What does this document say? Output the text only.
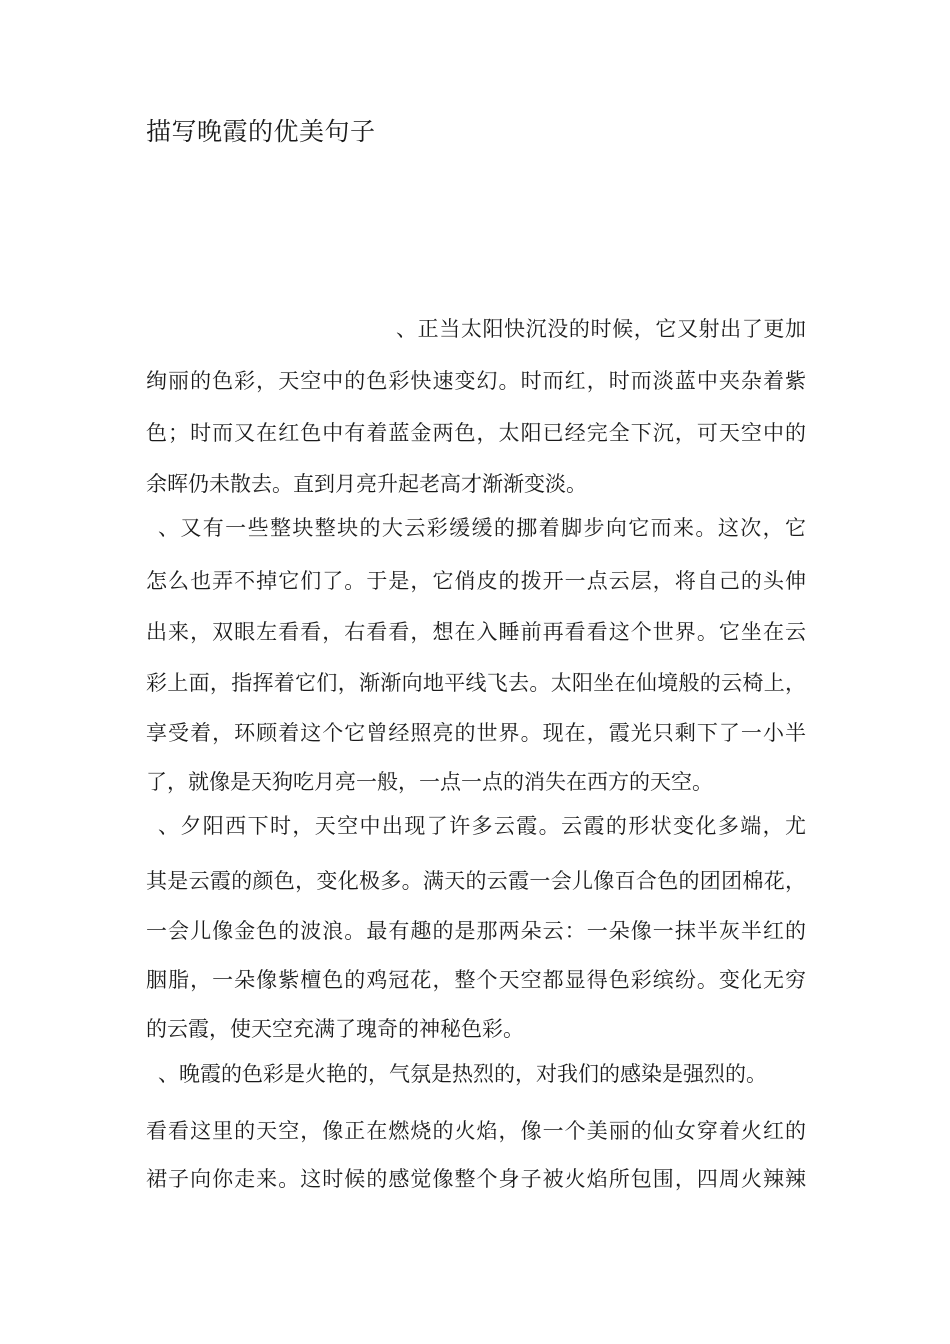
描写晚霞的优美句子
、正当太阳快沉没的时候，它又射出了更加
绚丽的色彩，天空中的色彩快速变幻。时而红，时而淡蓝中夹杂着紫
色；时而又在红色中有着蓝金两色，太阳已经完全下沉，可天空中的
余晖仍未散去。直到月亮升起老高才渐渐变淡。
、又有一些整块整块的大云彩缓缓的挪着脚步向它而来。这次，它
怎么也弄不掉它们了。于是，它俏皮的拨开一点云层，将自己的头伸
出来，双眼左看看，右看看，想在入睡前再看看这个世界。它坐在云
彩上面，指挥着它们，渐渐向地平线飞去。太阳坐在仙境般的云椅上，
享受着，环顾着这个它曾经照亮的世界。现在，霞光只剩下了一小半
了，就像是天狗吃月亮一般，一点一点的消失在西方的天空。
、夕阳西下时，天空中出现了许多云霞。云霞的形状变化多端，尤
其是云霞的颜色，变化极多。满天的云霞一会儿像百合色的团团棉花，
一会儿像金色的波浪。最有趣的是那两朵云：一朵像一抹半灰半红的
胭脂，一朵像紫檀色的鸡冠花，整个天空都显得色彩缤纷。变化无穷
的云霞，使天空充满了瑰奇的神秘色彩。
、晚霞的色彩是火艳的，气氛是热烈的，对我们的感染是强烈的。
看看这里的天空，像正在燃烧的火焰，像一个美丽的仙女穿着火红的
裙子向你走来。这时候的感觉像整个身子被火焰所包围，四周火辣辣
